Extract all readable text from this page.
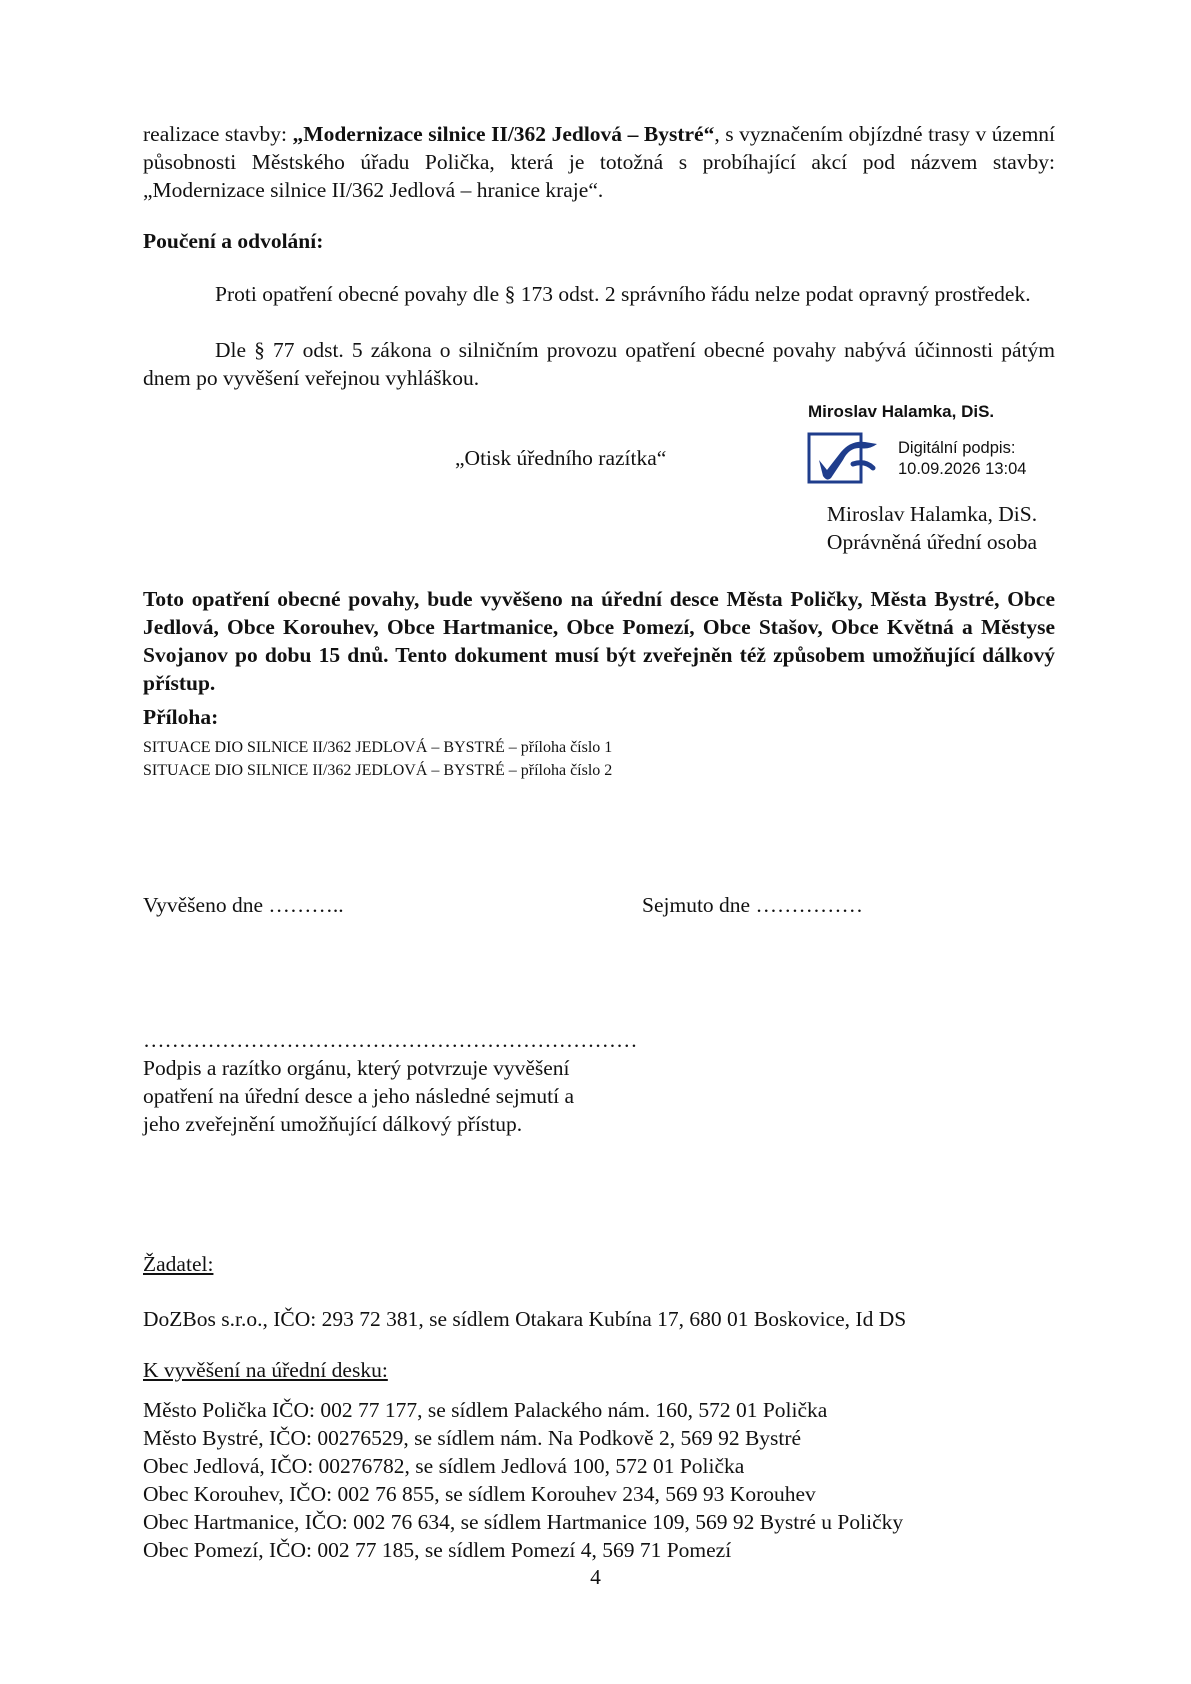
realizace stavby: „Modernizace silnice II/362 Jedlová – Bystré“, s vyznačením objízdné trasy v územní působnosti Městského úřadu Polička, která je totožná s probíhající akcí pod názvem stavby: „Modernizace silnice II/362 Jedlová – hranice kraje“.
Poučení a odvolání:
Proti opatření obecné povahy dle § 173 odst. 2 správního řádu nelze podat opravný prostředek.
Dle § 77 odst. 5 zákona o silničním provozu opatření obecné povahy nabývá účinnosti pátým dnem po vyvěšení veřejnou vyhláškou.
Miroslav Halamka, DiS.
Digitální podpis:
10.09.2026 13:04
„Otisk úředního razítka“
Miroslav Halamka, DiS.
Oprávněná úřední osoba
Toto opatření obecné povahy, bude vyvěšeno na úřední desce Města Poličky, Města Bystré, Obce Jedlová, Obce Korouhev, Obce Hartmanice, Obce Pomezí, Obce Stašov, Obce Květná a Městyse Svojanov po dobu 15 dnů. Tento dokument musí být zveřejněn též způsobem umožňující dálkový přístup.
Příloha:
SITUACE DIO SILNICE II/362 JEDLOVÁ – BYSTRÉ – příloha číslo 1
SITUACE DIO SILNICE II/362 JEDLOVÁ – BYSTRÉ – příloha číslo 2
Vyvěšeno dne ………..	Sejmuto dne ……………
……………………………………………………………
Podpis a razítko orgánu, který potvrzuje vyvěšení
opatření na úřední desce a jeho následné sejmutí a
jeho zveřejnění umožňující dálkový přístup.
Žadatel:
DoZBos s.r.o., IČO: 293 72 381, se sídlem Otakara Kubína 17, 680 01 Boskovice, Id DS
K vyvěšení na úřední desku:
Město Polička IČO: 002 77 177, se sídlem Palackého nám. 160, 572 01 Polička
Město Bystré, IČO: 00276529, se sídlem nám. Na Podkově 2, 569 92 Bystré
Obec Jedlová, IČO: 00276782, se sídlem Jedlová 100, 572 01 Polička
Obec Korouhev, IČO: 002 76 855, se sídlem Korouhev 234, 569 93 Korouhev
Obec Hartmanice, IČO: 002 76 634, se sídlem Hartmanice 109, 569 92 Bystré u Poličky
Obec Pomezí, IČO: 002 77 185, se sídlem Pomezí 4, 569 71 Pomezí
4
